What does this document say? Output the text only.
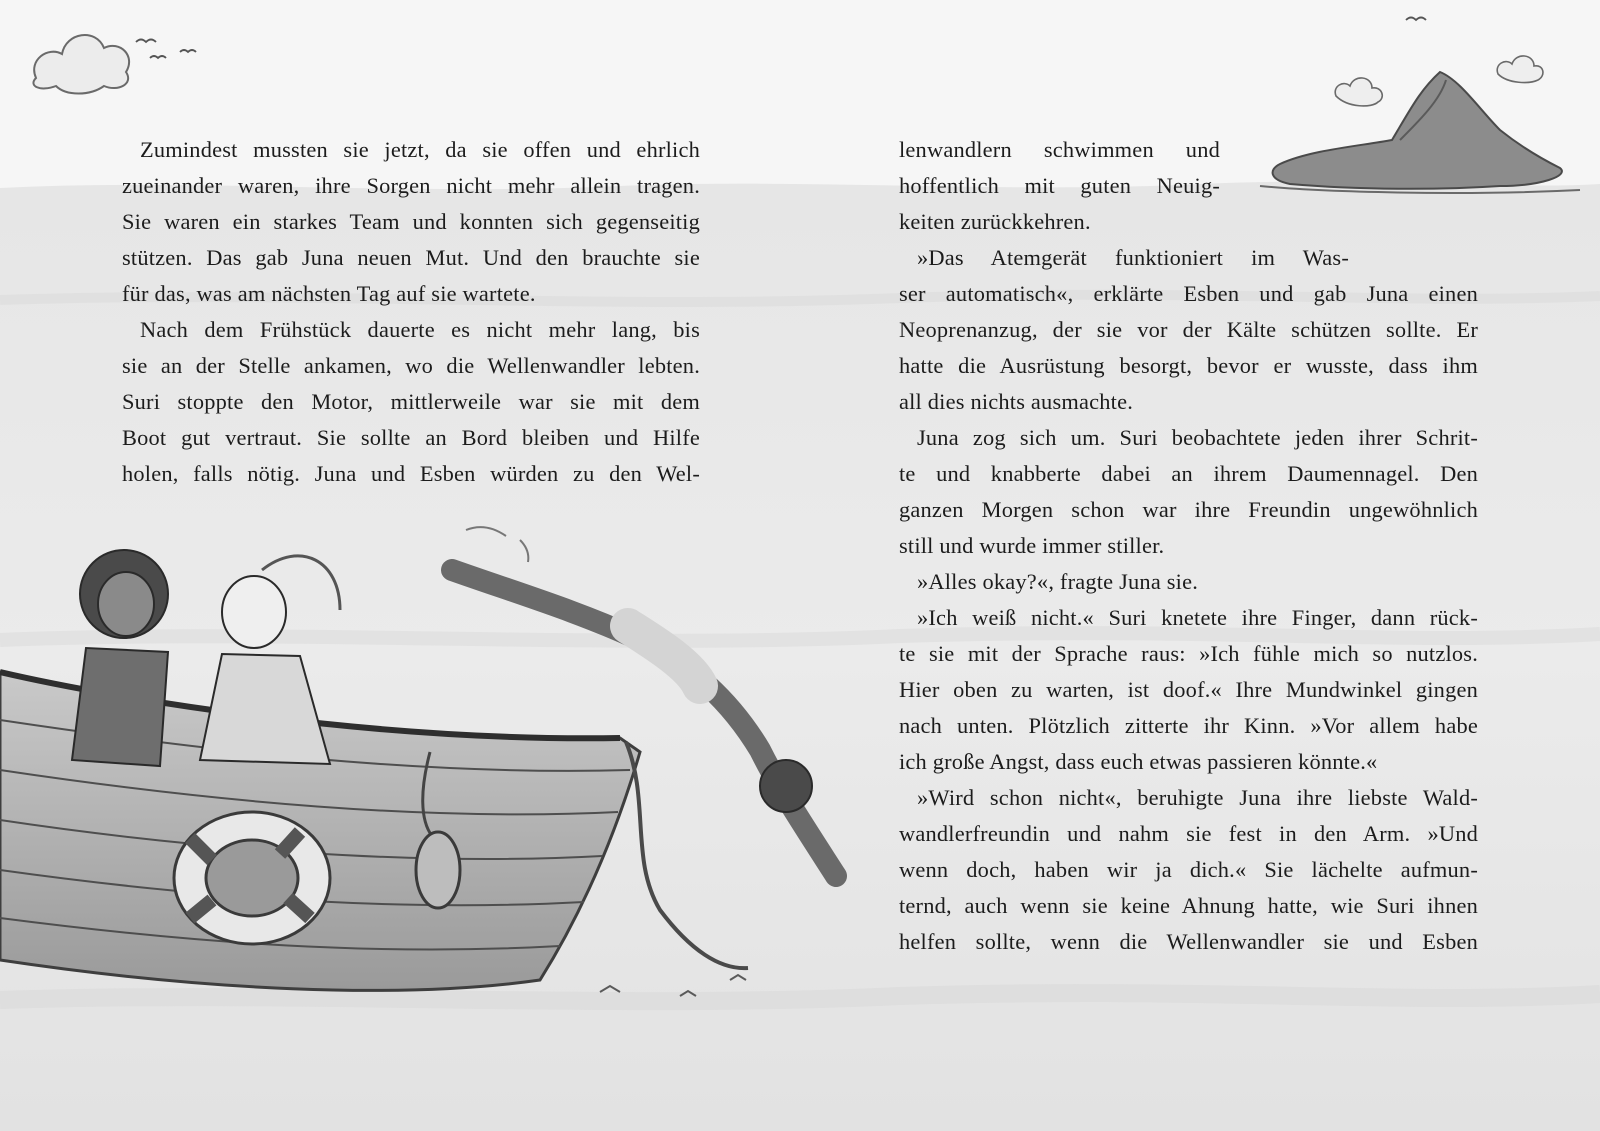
Zumindest mussten sie jetzt, da sie offen und ehrlich
zueinander waren, ihre Sorgen nicht mehr allein tragen.
Sie waren ein starkes Team und konnten sich gegenseitig
stützen. Das gab Juna neuen Mut. Und den brauchte sie
für das, was am nächsten Tag auf sie wartete.
Nach dem Frühstück dauerte es nicht mehr lang, bis
sie an der Stelle ankamen, wo die Wellenwandler lebten.
Suri stoppte den Motor, mittlerweile war sie mit dem
Boot gut vertraut. Sie sollte an Bord bleiben und Hilfe
holen, falls nötig. Juna und Esben würden zu den Wel-
lenwandlern schwimmen und
hoffentlich mit guten Neuig-
keiten zurückkehren.
»Das Atemgerät funktioniert im Was-
ser automatisch«, erklärte Esben und gab Juna einen
Neoprenanzug, der sie vor der Kälte schützen sollte. Er
hatte die Ausrüstung besorgt, bevor er wusste, dass ihm
all dies nichts ausmachte.
Juna zog sich um. Suri beobachtete jeden ihrer Schrit-
te und knabberte dabei an ihrem Daumennagel. Den
ganzen Morgen schon war ihre Freundin ungewöhnlich
still und wurde immer stiller.
»Alles okay?«, fragte Juna sie.
»Ich weiß nicht.« Suri knetete ihre Finger, dann rück-
te sie mit der Sprache raus: »Ich fühle mich so nutzlos.
Hier oben zu warten, ist doof.« Ihre Mundwinkel gingen
nach unten. Plötzlich zitterte ihr Kinn. »Vor allem habe
ich große Angst, dass euch etwas passieren könnte.«
»Wird schon nicht«, beruhigte Juna ihre liebste Wald-
wandlerfreundin und nahm sie fest in den Arm. »Und
wenn doch, haben wir ja dich.« Sie lächelte aufmun-
ternd, auch wenn sie keine Ahnung hatte, wie Suri ihnen
helfen sollte, wenn die Wellenwandler sie und Esben
